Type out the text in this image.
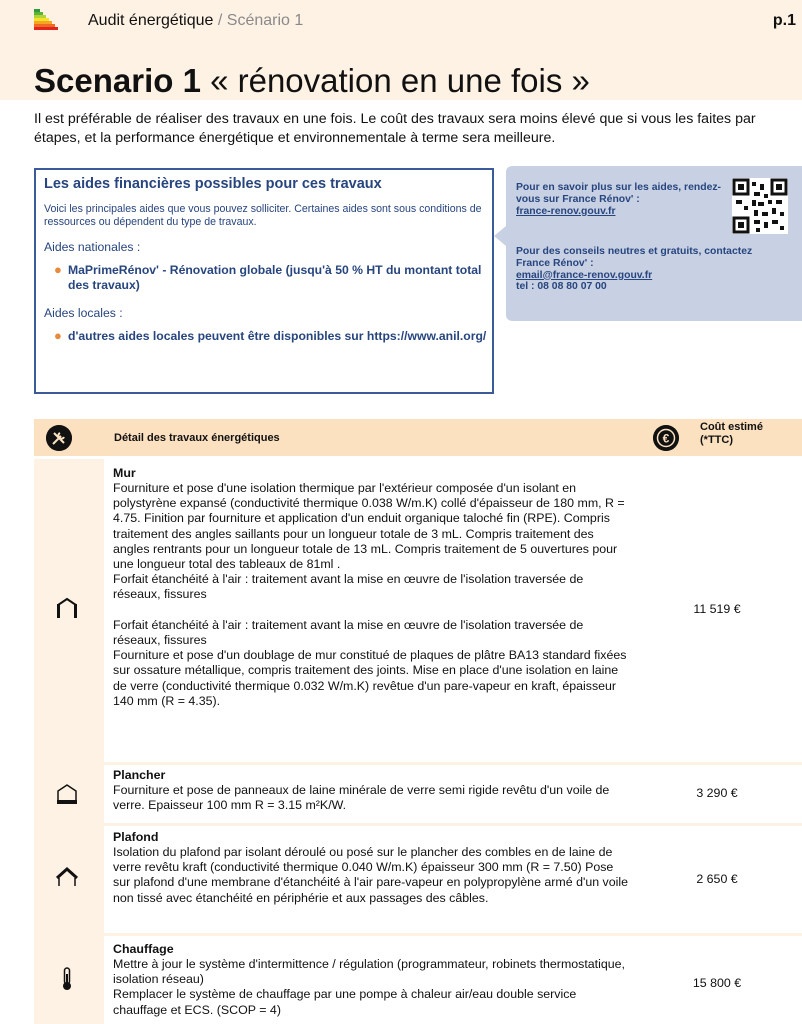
Audit énergétique / Scénario 1	p.1
Scenario 1 « rénovation en une fois »
Il est préférable de réaliser des travaux en une fois. Le coût des travaux sera moins élevé que si vous les faites par étapes, et la performance énergétique et environnementale à terme sera meilleure.
Les aides financières possibles pour ces travaux
Voici les principales aides que vous pouvez solliciter. Certaines aides sont sous conditions de ressources ou dépendent du type de travaux.
Aides nationales :
● MaPrimeRénov' - Rénovation globale (jusqu'à 50 % HT du montant total des travaux)
Aides locales :
● d'autres aides locales peuvent être disponibles sur https://www.anil.org/
Pour en savoir plus sur les aides, rendez-vous sur France Rénov' :
france-renov.gouv.fr
Pour des conseils neutres et gratuits, contactez France Rénov' :
email@france-renov.gouv.fr
tel : 08 08 80 07 00
Détail des travaux énergétiques	€
Coût estimé
(*TTC)
Mur
Fourniture et pose d'une isolation thermique par l'extérieur composée d'un isolant en polystyrène expansé (conductivité thermique 0.038 W/m.K) collé d'épaisseur de 180 mm, R = 4.75. Finition par fourniture et application d'un enduit organique taloché fin (RPE). Compris traitement des angles saillants pour un longueur totale de 3 mL. Compris traitement des angles rentrants pour un longueur totale de 13 mL. Compris traitement de 5 ouvertures pour une longueur total des tableaux de 81ml .
Forfait étanchéité à l'air : traitement avant la mise en œuvre de l'isolation traversée de réseaux, fissures

Forfait étanchéité à l'air : traitement avant la mise en œuvre de l'isolation traversée de réseaux, fissures
Fourniture et pose d'un doublage de mur constitué de plaques de plâtre BA13 standard fixées sur ossature métallique, compris traitement des joints. Mise en place d'une isolation en laine de verre (conductivité thermique 0.032 W/m.K) revêtue d'un pare-vapeur en kraft, épaisseur 140 mm (R = 4.35).
11 519 €
Plancher
Fourniture et pose de panneaux de laine minérale de verre semi rigide revêtu d'un voile de verre. Epaisseur 100 mm R = 3.15 m²K/W.
3 290 €
Plafond
Isolation du plafond par isolant déroulé ou posé sur le plancher des combles en de laine de verre revêtu kraft (conductivité thermique 0.040 W/m.K) épaisseur 300 mm (R = 7.50) Pose sur plafond d'une membrane d'étanchéité à l'air pare-vapeur en polypropylène armé d'un voile non tissé avec étanchéité en périphérie et aux passages des câbles.
2 650 €
Chauffage
Mettre à jour le système d'intermittence / régulation (programmateur, robinets thermostatique, isolation réseau)
Remplacer le système de chauffage par une pompe à chaleur air/eau double service chauffage et ECS. (SCOP = 4)
15 800 €
